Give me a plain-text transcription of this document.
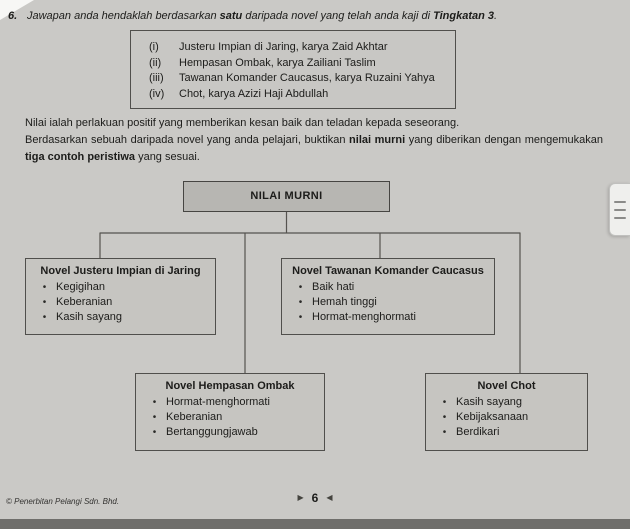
6. Jawapan anda hendaklah berdasarkan satu daripada novel yang telah anda kaji di Tingkatan 3.
(i)	Justeru Impian di Jaring, karya Zaid Akhtar
(ii)	Hempasan Ombak, karya Zailiani Taslim
(iii)	Tawanan Komander Caucasus, karya Ruzaini Yahya
(iv)	Chot, karya Azizi Haji Abdullah
Nilai ialah perlakuan positif yang memberikan kesan baik dan teladan kepada seseorang.
Berdasarkan sebuah daripada novel yang anda pelajari, buktikan nilai murni yang diberikan dengan mengemukakan tiga contoh peristiwa yang sesuai.
NILAI MURNI
Novel Justeru Impian di Jaring
• Kegigihan
• Keberanian
• Kasih sayang
Novel Tawanan Komander Caucasus
• Baik hati
• Hemah tinggi
• Hormat-menghormati
Novel Hempasan Ombak
• Hormat-menghormati
• Keberanian
• Bertanggungjawab
Novel Chot
• Kasih sayang
• Kebijaksanaan
• Berdikari
© Penerbitan Pelangi Sdn. Bhd.	▶ 6 ◀
